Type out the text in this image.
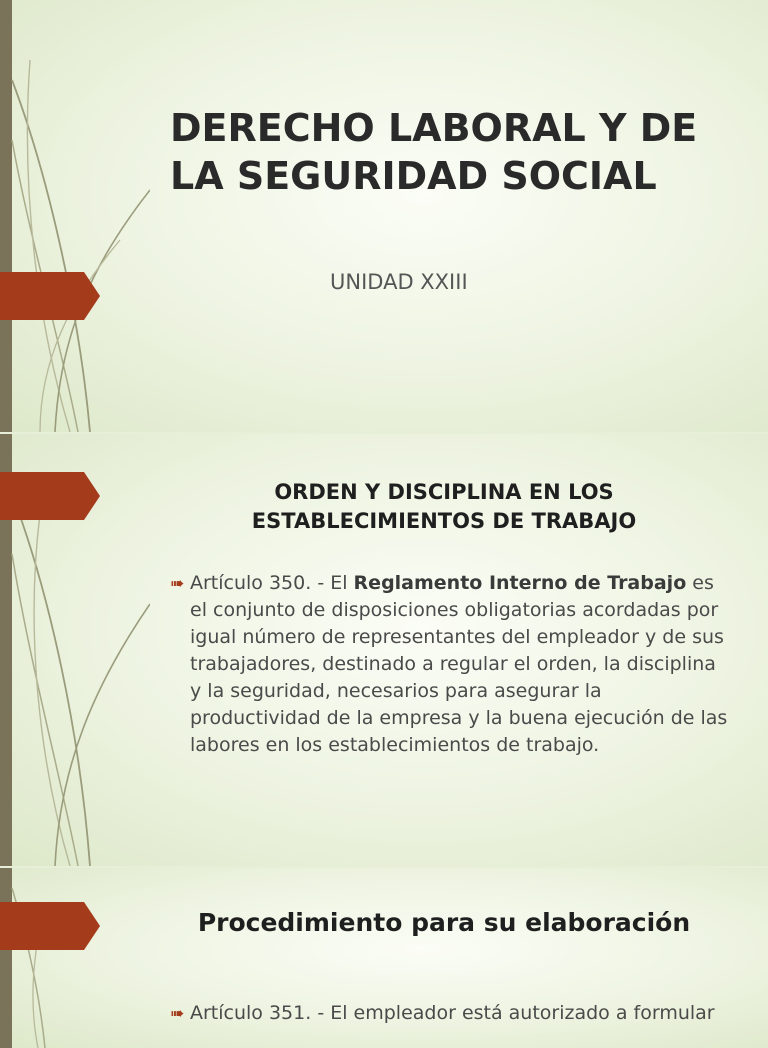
DERECHO LABORAL Y DE LA SEGURIDAD SOCIAL

UNIDAD XXIII

ORDEN Y DISCIPLINA EN LOS ESTABLECIMIENTOS DE TRABAJO
➠ Artículo 350. - El Reglamento Interno de Trabajo es el conjunto de disposiciones obligatorias acordadas por igual número de representantes del empleador y de sus trabajadores, destinado a regular el orden, la disciplina y la seguridad, necesarios para asegurar la productividad de la empresa y la buena ejecución de las labores en los establecimientos de trabajo.
Procedimiento para su elaboración
➠ Artículo 351. - El empleador está autorizado a formular
